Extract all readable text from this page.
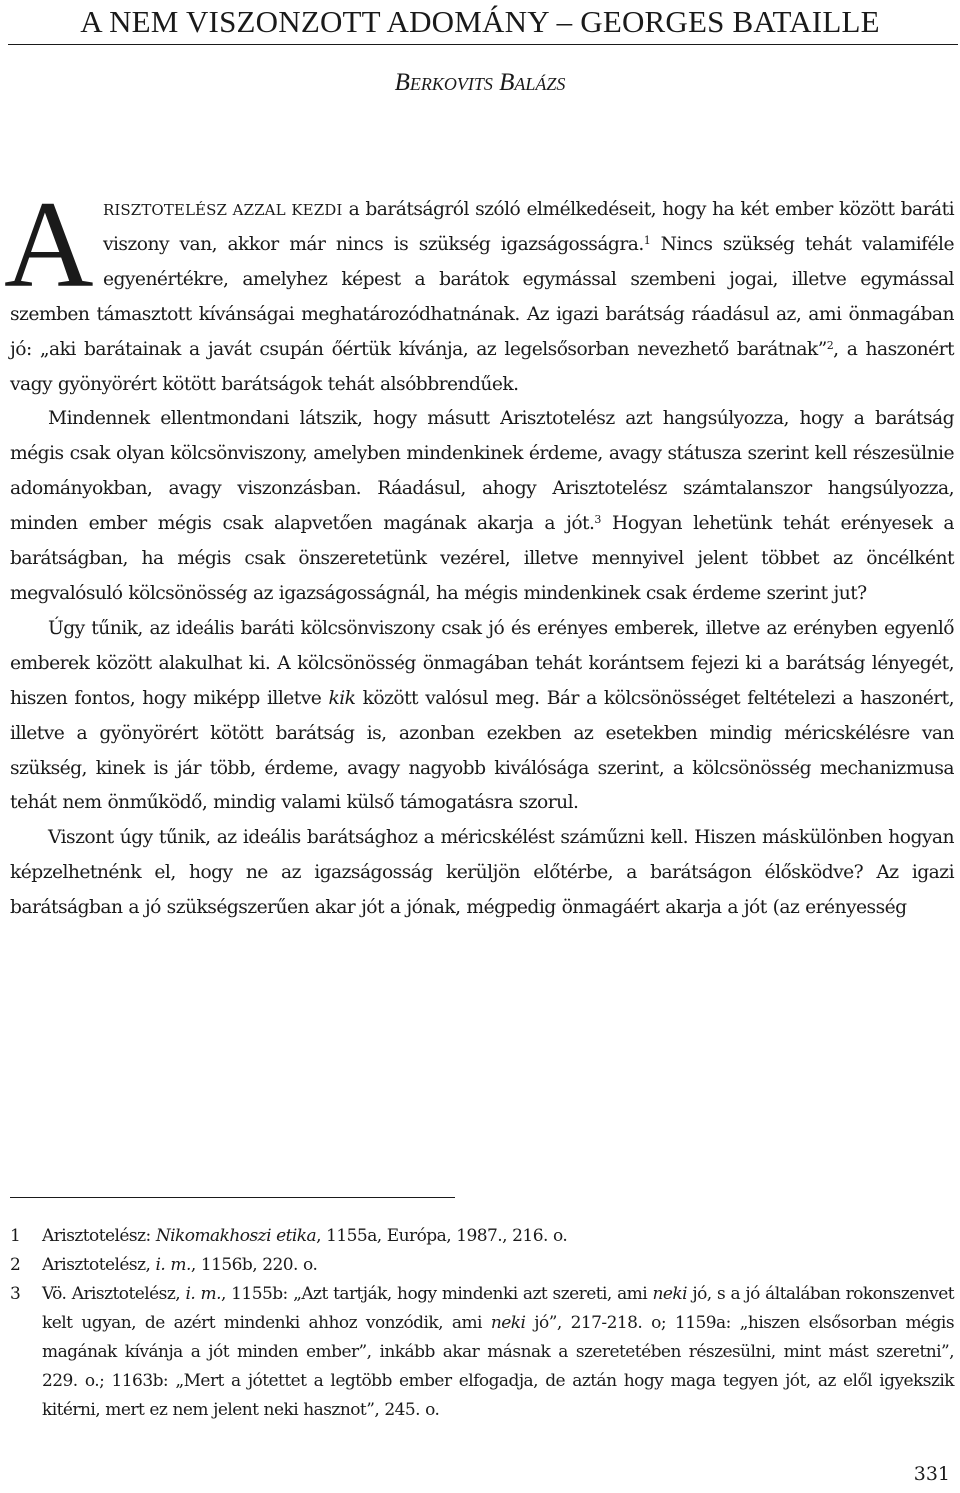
A NEM VISZONZOTT ADOMÁNY – GEORGES BATAILLE
BERKOVITS BALÁZS

ARISZTOTELÉSZ AZZAL KEZDI a barátságról szóló elmélkedéseit, hogy ha két ember között baráti viszony van, akkor már nincs is szükség igazságosságra.$^1$ Nincs szükség tehát valamiféle egyenértékre, amelyhez képest a barátok egymással szembeni jogai, illetve egymással szemben támasztott kívánságai meghatározódhatnának. Az igazi barátság ráadásul az, ami önmagában jó: „aki barátainak a javát csupán őértük kívánja, az legelsősorban nevezhető barátnak”$^2$, a haszonért vagy gyönyörért kötött barátságok tehát alsóbbrendűek.

Mindennek ellentmondani látszik, hogy másutt Arisztotelész azt hangsúlyozza, hogy a barátság mégis csak olyan kölcsönviszony, amelyben mindenkinek érdeme, avagy státusza szerint kell részesülnie adományokban, avagy viszonzásban. Ráadásul, ahogy Arisztotelész számtalanszor hangsúlyozza, minden ember mégis csak alapvetően magának akarja a jót.$^3$ Hogyan lehetünk tehát erényesek a barátságban, ha mégis csak önszeretetünk vezérel, illetve mennyivel jelent többet az öncélként megvalósuló kölcsönösség az igazságosságnál, ha mégis mindenkinek csak érdeme szerint jut?

Úgy tűnik, az ideális baráti kölcsönviszony csak jó és erényes emberek, illetve az erényben egyenlő emberek között alakulhat ki. A kölcsönösség önmagában tehát korántsem fejezi ki a barátság lényegét, hiszen fontos, hogy miképp illetve kik között valósul meg. Bár a kölcsönösséget feltételezi a haszonért, illetve a gyönyörért kötött barátság is, azonban ezekben az esetekben mindig méricskélésre van szükség, kinek is jár több, érdeme, avagy nagyobb kiválósága szerint, a kölcsönösség mechanizmusa tehát nem önműködő, mindig valami külső támogatásra szorul.

Viszont úgy tűnik, az ideális barátsághoz a méricskélést száműzni kell. Hiszen máskülönben hogyan képzelhetnénk el, hogy ne az igazságosság kerüljön előtérbe, a barátságon élősködve? Az igazi barátságban a jó szükségszerűen akar jót a jónak, mégpedig önmagáért akarja a jót (az erényesség

1	Arisztotelész: Nikomakhoszi etika, 1155a, Európa, 1987., 216. o.
2	Arisztotelész, i. m., 1156b, 220. o.
3	Vö. Arisztotelész, i. m., 1155b: „Azt tartják, hogy mindenki azt szereti, ami neki jó, s a jó általában rokonszenvet kelt ugyan, de azért mindenki ahhoz vonzódik, ami neki jó”, 217-218. o; 1159a: „hiszen elsősorban mégis magának kívánja a jót minden ember”, inkább akar másnak a szeretetében részesülni, mint mást szeretni”, 229. o.; 1163b: „Mert a jótettet a legtöbb ember elfogadja, de aztán hogy maga tegyen jót, az elől igyekszik kitérni, mert ez nem jelent neki hasznot”, 245. o.
331
